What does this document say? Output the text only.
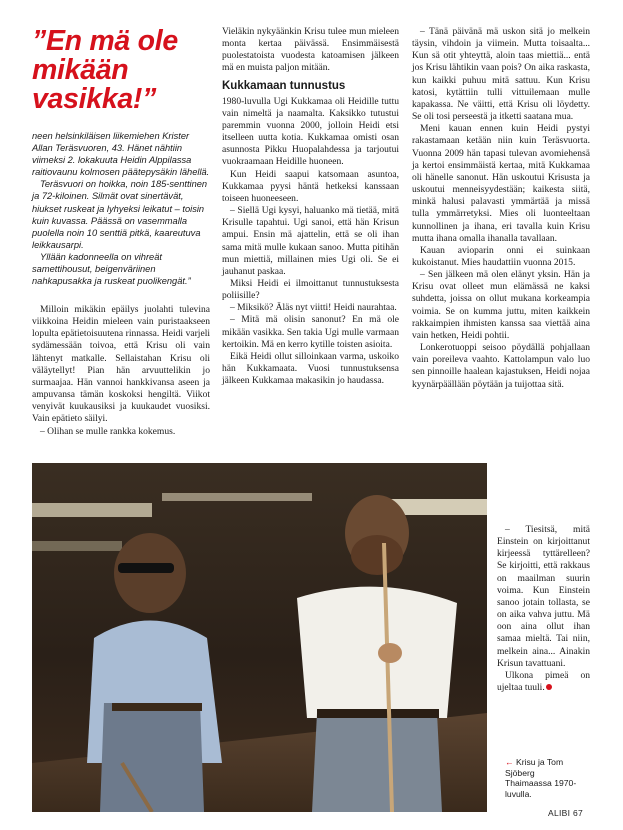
”En mä ole mikään vasikka!”

neen helsinkiläisen liikemiehen Krister Allan Teräsvuoren, 43. Hänet nähtiin viimeksi 2. lokakuuta Heidin Alppilassa raitiovaunu kolmosen päätepysäkin lähellä.

Teräsvuori on hoikka, noin 185-senttinen ja 72-kiloinen. Silmät ovat sinertävät, hiukset ruskeat ja lyhyeksi leikatut – toisin kuin kuvassa. Päässä on vasemmalla puolella noin 10 senttiä pitkä, kaareutuva leikkausarpi.

Yllään kadonneella on vihreät samettihousut, beigenväriinen nahkapusakka ja ruskeat puolikengät.”

Milloin mikäkin epäilys juolahti tulevina viikkoina Heidin mieleen vain puristaakseen lopulta epätietoisuutena rinnassa. Heidi varjeli sydämessään toivoa, että Krisu oli vain lähtenyt matkalle. Sellaistahan Krisu oli väläytellyt! Pian hän arvuuttelikin jo surmaajaa. Hän vannoi hankkivansa aseen ja ampuvansa tämän koskoksi hengiltä. Viikot venyivät kuukausiksi ja kuukaudet vuosiksi. Vain epätieto säilyi.

– Olihan se mulle rankka kokemus.

Vieläkin nykyäänkin Krisu tulee mun mieleen monta kertaa päivässä. Ensimmäisestä puolestatoista vuodesta katoamisen jälkeen mä en muista paljon mitään.

Kukkamaan tunnustus

1980-luvulla Ugi Kukkamaa oli Heidille tuttu vain nimeltä ja naamalta. Kaksikko tutustui paremmin vuonna 2000, jolloin Heidi etsi itselleen uutta kotia. Kukkamaa omisti osan asunnosta Pikku Huopalahdessa ja tarjoutui vuokraamaan Heidille huoneen.

Kun Heidi saapui katsomaan asuntoa, Kukkamaa pyysi häntä hetkeksi kanssaan toiseen huoneeseen.

– Siellä Ugi kysyi, haluanko mä tietää, mitä Krisulle tapahtui. Ugi sanoi, että hän Krisun ampui. Ensin mä ajattelin, että se oli ihan sama mitä mulle kukaan sanoo. Mutta pitihän mun miettiä, millainen mies Ugi oli. Se ei jauhanut paskaa.

Miksi Heidi ei ilmoittanut tunnustuksesta poliisille?

– Miksikö? Äläs nyt viitti! Heidi naurahtaa.

– Mitä mä olisin sanonut? En mä ole mikään vasikka. Sen takia Ugi mulle varmaan kertoikin. Mä en kerro kytille toisten asioita.

Eikä Heidi ollut silloinkaan varma, uskoiko hän Kukkamaata. Vuosi tunnustuksensa jälkeen Kukkamaa makasikin jo haudassa.

– Tänä päivänä mä uskon sitä jo melkein täysin, vihdoin ja viimein. Mutta toisaalta... Kun sä otit yhteyttä, aloin taas miettiä... entä jos Krisu lähtikin vaan pois? On aika raskasta, kun kaikki puhuu mitä sattuu. Kun Krisu katosi, kytättiin tulli vittuilemaan mulle kapakassa. Ne väitti, että Krisu oli löydetty. Se oli tosi perseestä ja itketti saatana mua.

Meni kauan ennen kuin Heidi pystyi rakastamaan ketään niin kuin Teräsvuorta. Vuonna 2009 hän tapasi tulevan avomiehensä ja kertoi ensimmäistä kertaa, mitä Kukkamaa oli hänelle sanonut. Hän uskoutui Krisusta ja uskoutui menneisyydestään; kaikesta siitä, minkä halusi palavasti ymmärtää ja missä tulla ymmärretyksi. Mies oli luonteeltaan kunnollinen ja ihana, eri tavalla kuin Krisu mutta ihana omalla ihanalla tavallaan.

Kauan avioparin onni ei suinkaan kukoistanut. Mies haudattiin vuonna 2015.

– Sen jälkeen mä olen elänyt yksin. Hän ja Krisu ovat olleet mun elämässä ne kaksi suhdetta, joissa on ollut mukana korkeampia voimia. Se on kumma juttu, miten kaikkein rakkaimpien ihmisten kanssa saa viettää aina vain hetken, Heidi pohtii.

Lonkerotuoppi seisoo pöydällä pohjallaan vain poreileva vaahto. Kattolampun valo luo sen pinnoille haalean kajastuksen, Heidi nojaa kyynärpäällään pöytään ja tuijottaa sitä.

– Tiesitsä, mitä Einstein on kirjoittanut kirjeessä tyttärelleen? Se kirjoitti, että rakkaus on maailman suurin voima. Kun Einstein sanoo jotain tollasta, se on aika vahva juttu. Mä oon aina ollut ihan samaa mieltä. Tai niin, melkein aina... Ainakin Krisun tavattuani.

Ulkona pimeä on ujeltaa tuuli.

← Krisu ja Tom Sjöberg Thaimaassa 1970-luvulla.
ALIBI 67
